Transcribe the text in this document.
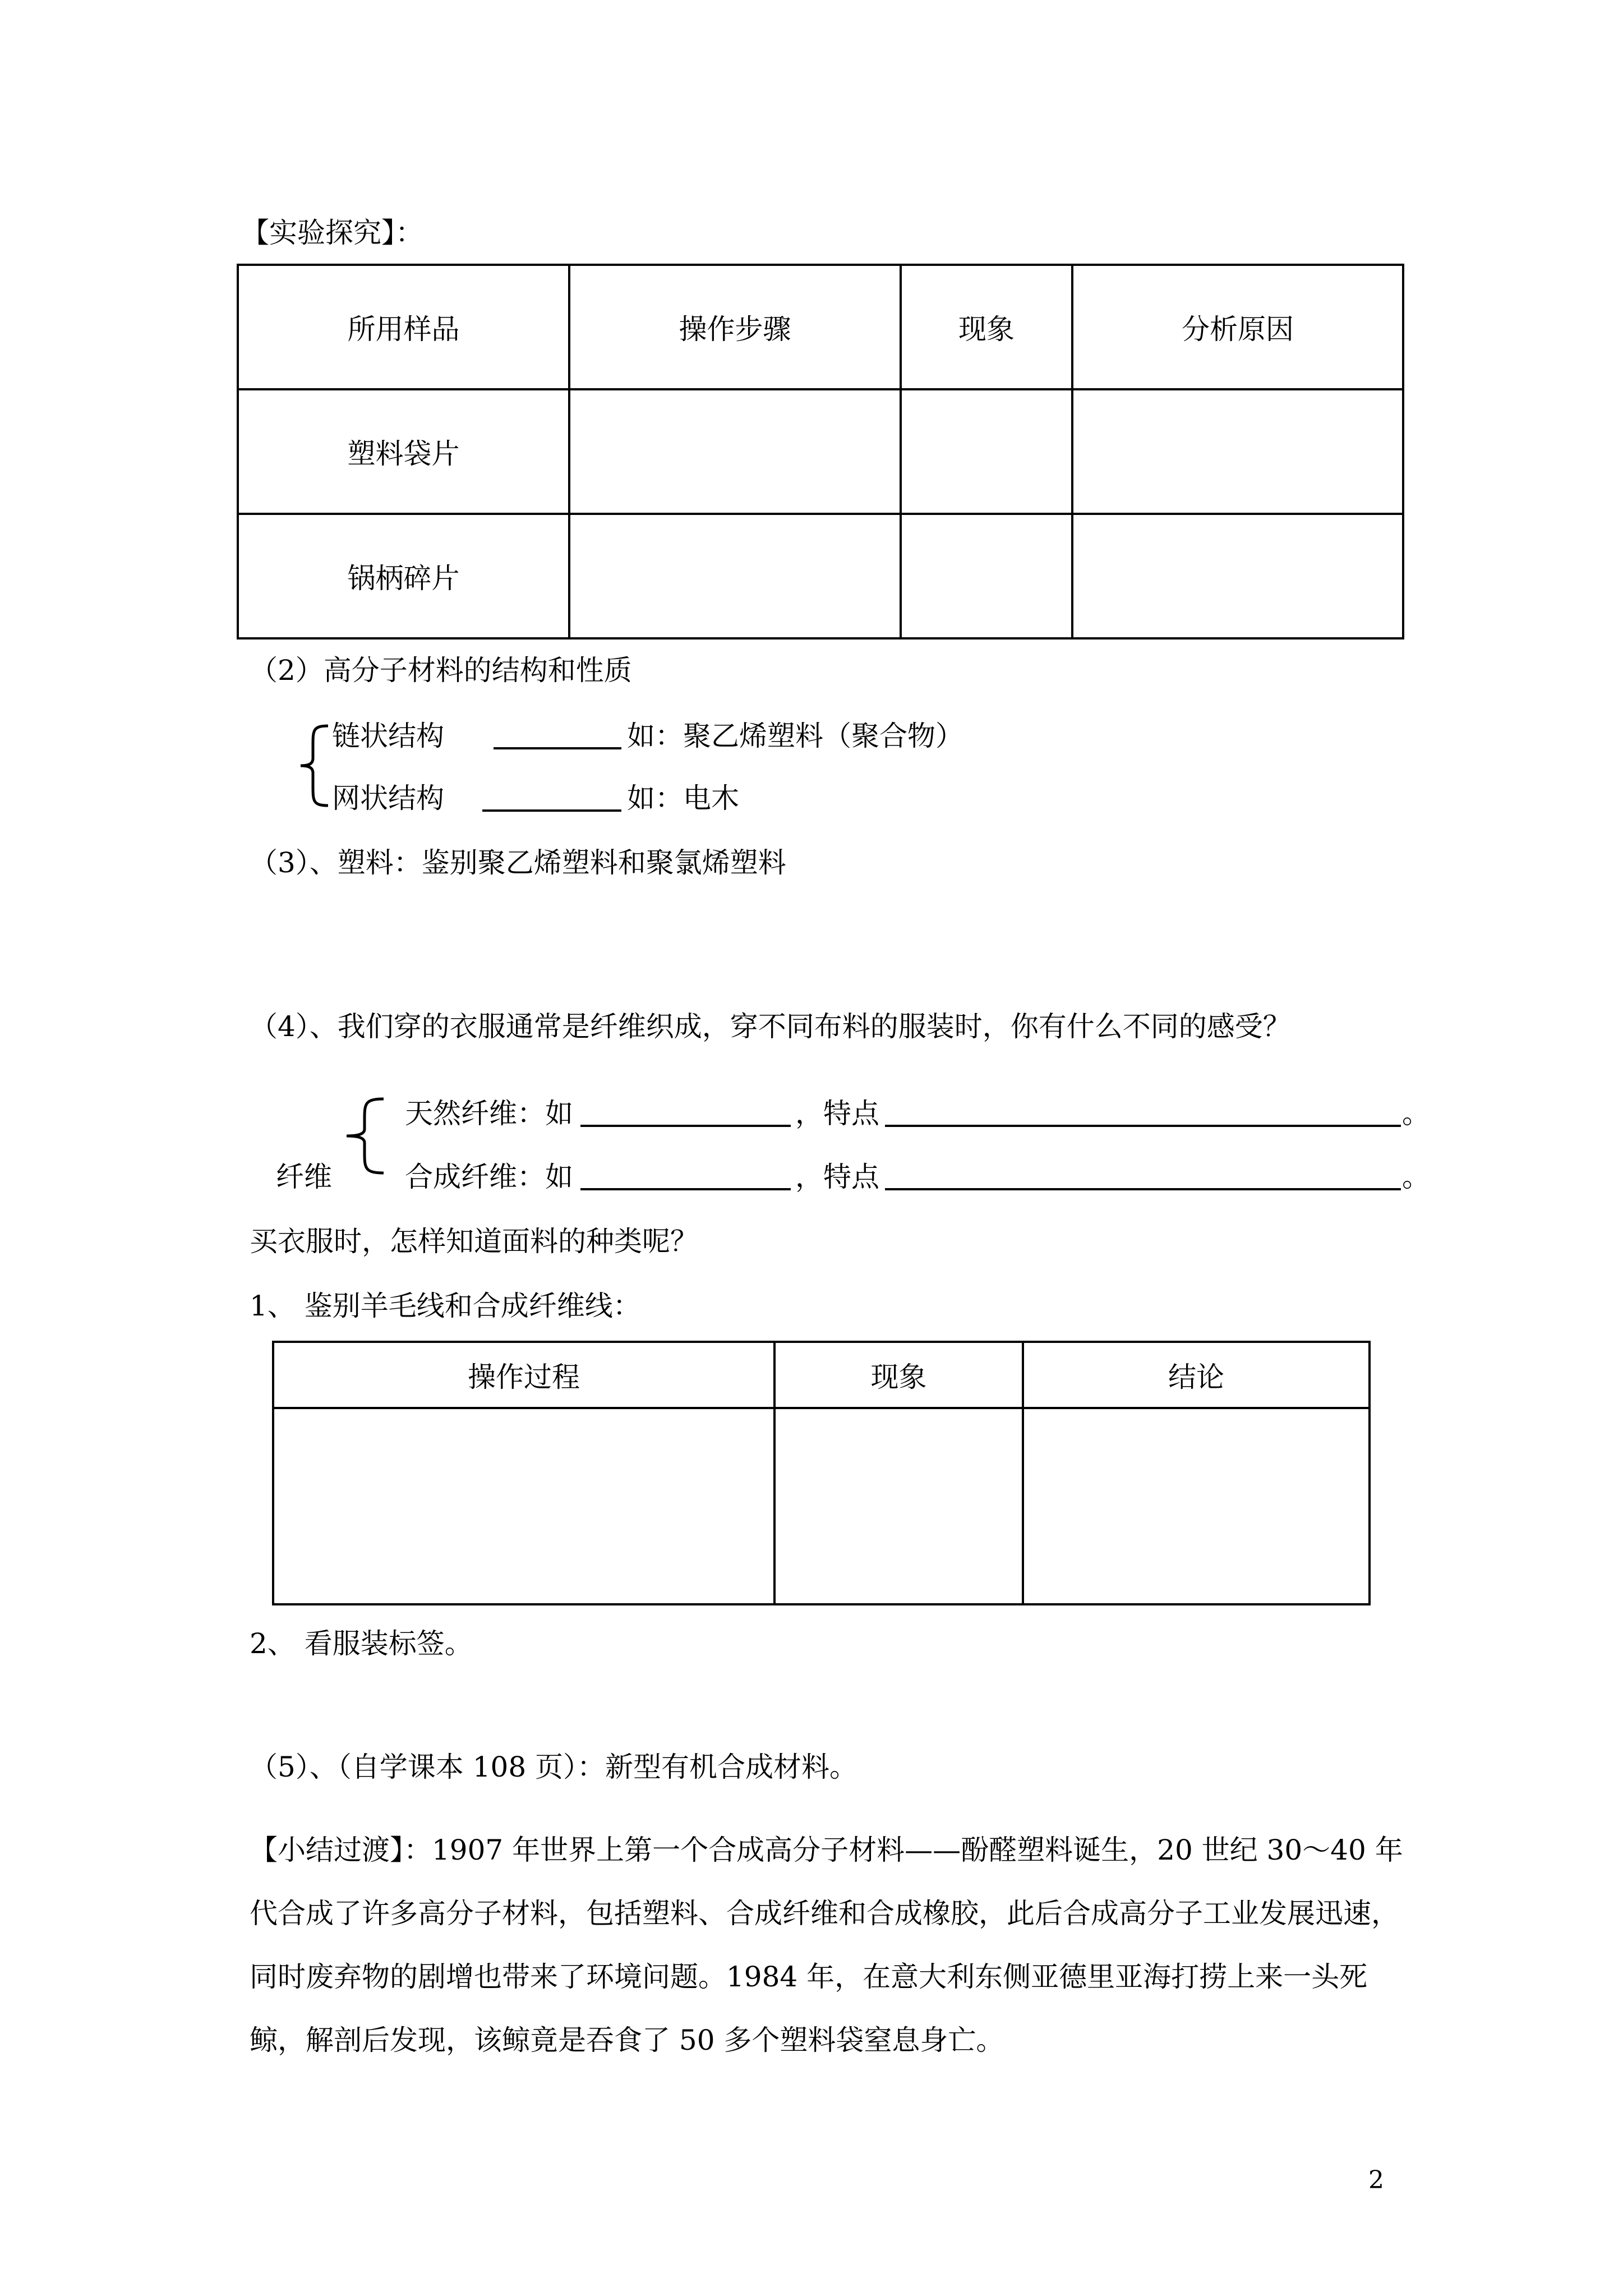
【实验探究】：
所用样品	操作步骤	现象	分析原因
塑料袋片			
锅柄碎片			
（2）高分子材料的结构和性质
链状结构	如：聚乙烯塑料（聚合物）
网状结构	如：电木
（3）、塑料：鉴别聚乙烯塑料和聚氯烯塑料
（4）、我们穿的衣服通常是纤维织成，穿不同布料的服装时，你有什么不同的感受？
纤维
天然纤维：如	，特点	。
合成纤维：如	，特点	。
买衣服时，怎样知道面料的种类呢？
1、 鉴别羊毛线和合成纤维线：
操作过程	现象	结论

2、 看服装标签。
（5）、（自学课本 108 页）：新型有机合成材料。
【小结过渡】：1907 年世界上第一个合成高分子材料——酚醛塑料诞生，20 世纪 30～40 年
代合成了许多高分子材料，包括塑料、合成纤维和合成橡胶，此后合成高分子工业发展迅速，
同时废弃物的剧增也带来了环境问题。1984 年，在意大利东侧亚德里亚海打捞上来一头死
鲸，解剖后发现，该鲸竟是吞食了 50 多个塑料袋窒息身亡。
2
